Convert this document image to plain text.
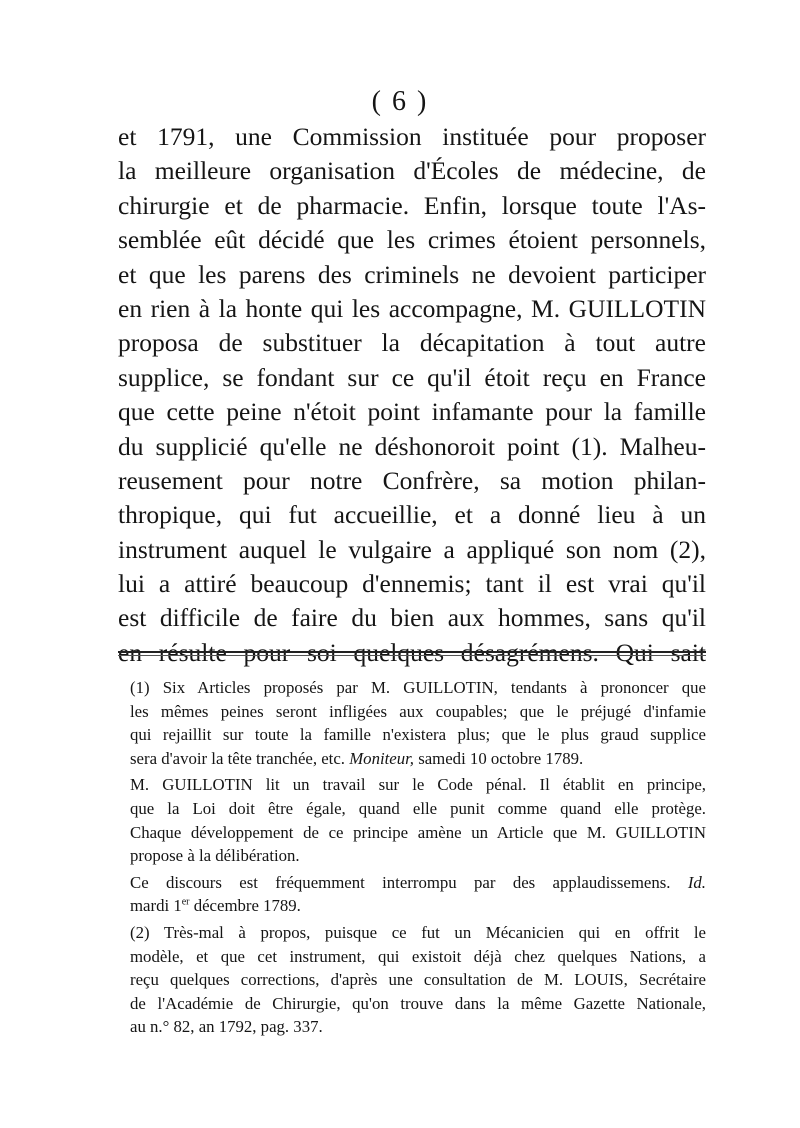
( 6 )
et 1791, une Commission instituée pour proposer
la meilleure organisation d'Écoles de médecine, de
chirurgie et de pharmacie. Enfin, lorsque toute l'As-
semblée eût décidé que les crimes étoient personnels,
et que les parens des criminels ne devoient participer
en rien à la honte qui les accompagne, M. GUILLOTIN
proposa de substituer la décapitation à tout autre
supplice, se fondant sur ce qu'il étoit reçu en France
que cette peine n'étoit point infamante pour la famille
du supplicié qu'elle ne déshonoroit point (1). Malheu-
reusement pour notre Confrère, sa motion philan-
thropique, qui fut accueillie, et a donné lieu à un
instrument auquel le vulgaire a appliqué son nom (2),
lui a attiré beaucoup d'ennemis; tant il est vrai qu'il
est difficile de faire du bien aux hommes, sans qu'il
en résulte pour soi quelques désagrémens. Qui sait
(1) Six Articles proposés par M. GUILLOTIN, tendants à prononcer que
les mêmes peines seront infligées aux coupables; que le préjugé d'infamie
qui rejaillit sur toute la famille n'existera plus; que le plus graud supplice
sera d'avoir la tête tranchée, etc. Moniteur, samedi 10 octobre 1789.
M. GUILLOTIN lit un travail sur le Code pénal. Il établit en principe,
que la Loi doit être égale, quand elle punit comme quand elle protège.
Chaque développement de ce principe amène un Article que M. GUILLOTIN
propose à la délibération.
Ce discours est fréquemment interrompu par des applaudissemens. Id.
mardi 1er décembre 1789.
(2) Très-mal à propos, puisque ce fut un Mécanicien qui en offrit le
modèle, et que cet instrument, qui existoit déjà chez quelques Nations, a
reçu quelques corrections, d'après une consultation de M. LOUIS, Secrétaire
de l'Académie de Chirurgie, qu'on trouve dans la même Gazette Nationale,
au n.° 82, an 1792, pag. 337.
